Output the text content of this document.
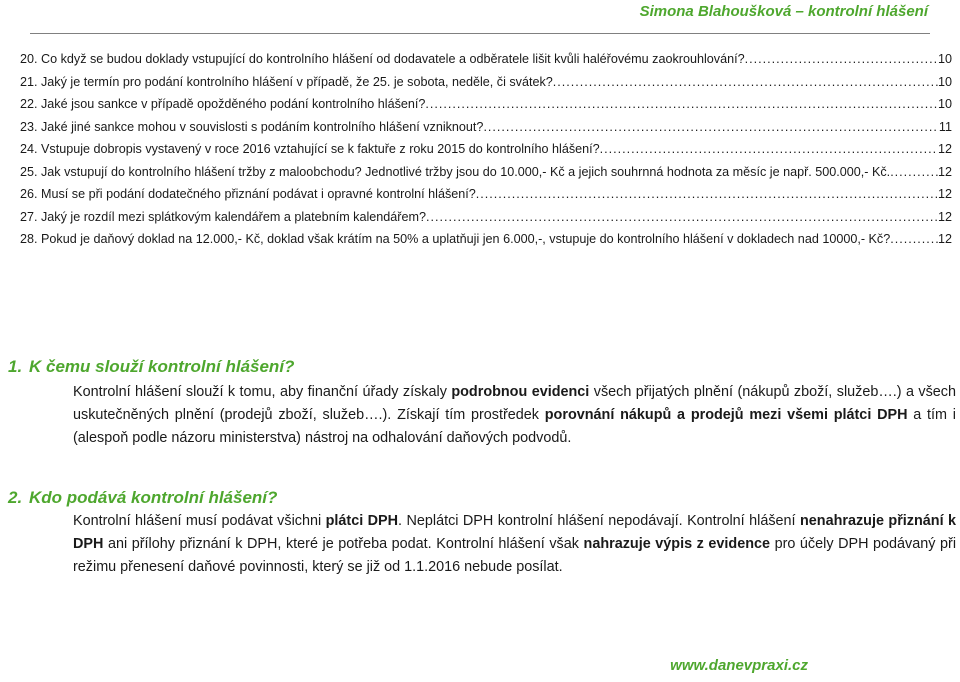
Simona Blahoušková – kontrolní hlášení
20. Co když se budou doklady vstupující do kontrolního hlášení od dodavatele a odběratele lišit kvůli haléřovému zaokrouhlování? .....	10
21. Jaký je termín pro podání kontrolního hlášení v případě, že 25. je sobota, neděle, či svátek? .....	10
22. Jaké jsou sankce v případě opožděného podání kontrolního hlášení? .....	10
23. Jaké jiné sankce mohou v souvislosti s podáním kontrolního hlášení vzniknout? .....	11
24. Vstupuje dobropis vystavený v roce 2016 vztahující se k faktuře z roku 2015 do kontrolního hlášení? .....	12
25. Jak vstupují do kontrolního hlášení tržby z maloobchodu? Jednotlivé tržby jsou do 10.000,- Kč a jejich souhrnná hodnota za měsíc je např. 500.000,- Kč. .....	12
26. Musí se při podání dodatečného přiznání podávat i opravné kontrolní hlášení? .....	12
27. Jaký je rozdíl mezi splátkovým kalendářem a platebním kalendářem? .....	12
28. Pokud je daňový doklad na 12.000,- Kč, doklad však krátím na 50% a uplatňuji jen 6.000,-, vstupuje do kontrolního hlášení v dokladech nad 10000,- Kč? .....	12
1. K čemu slouží kontrolní hlášení?
Kontrolní hlášení slouží k tomu, aby finanční úřady získaly podrobnou evidenci všech přijatých plnění (nákupů zboží, služeb….) a všech uskutečněných plnění (prodejů zboží, služeb….). Získají tím prostředek porovnání nákupů a prodejů mezi všemi plátci DPH a tím i (alespoň podle názoru ministerstva) nástroj na odhalování daňových podvodů.
2. Kdo podává kontrolní hlášení?
Kontrolní hlášení musí podávat všichni plátci DPH. Neplátci DPH kontrolní hlášení nepodávají. Kontrolní hlášení nenahrazuje přiznání k DPH ani přílohy přiznání k DPH, které je potřeba podat. Kontrolní hlášení však nahrazuje výpis z evidence pro účely DPH podávaný při režimu přenesení daňové povinnosti, který se již od 1.1.2016 nebude posílat.
www.danevpraxi.cz
